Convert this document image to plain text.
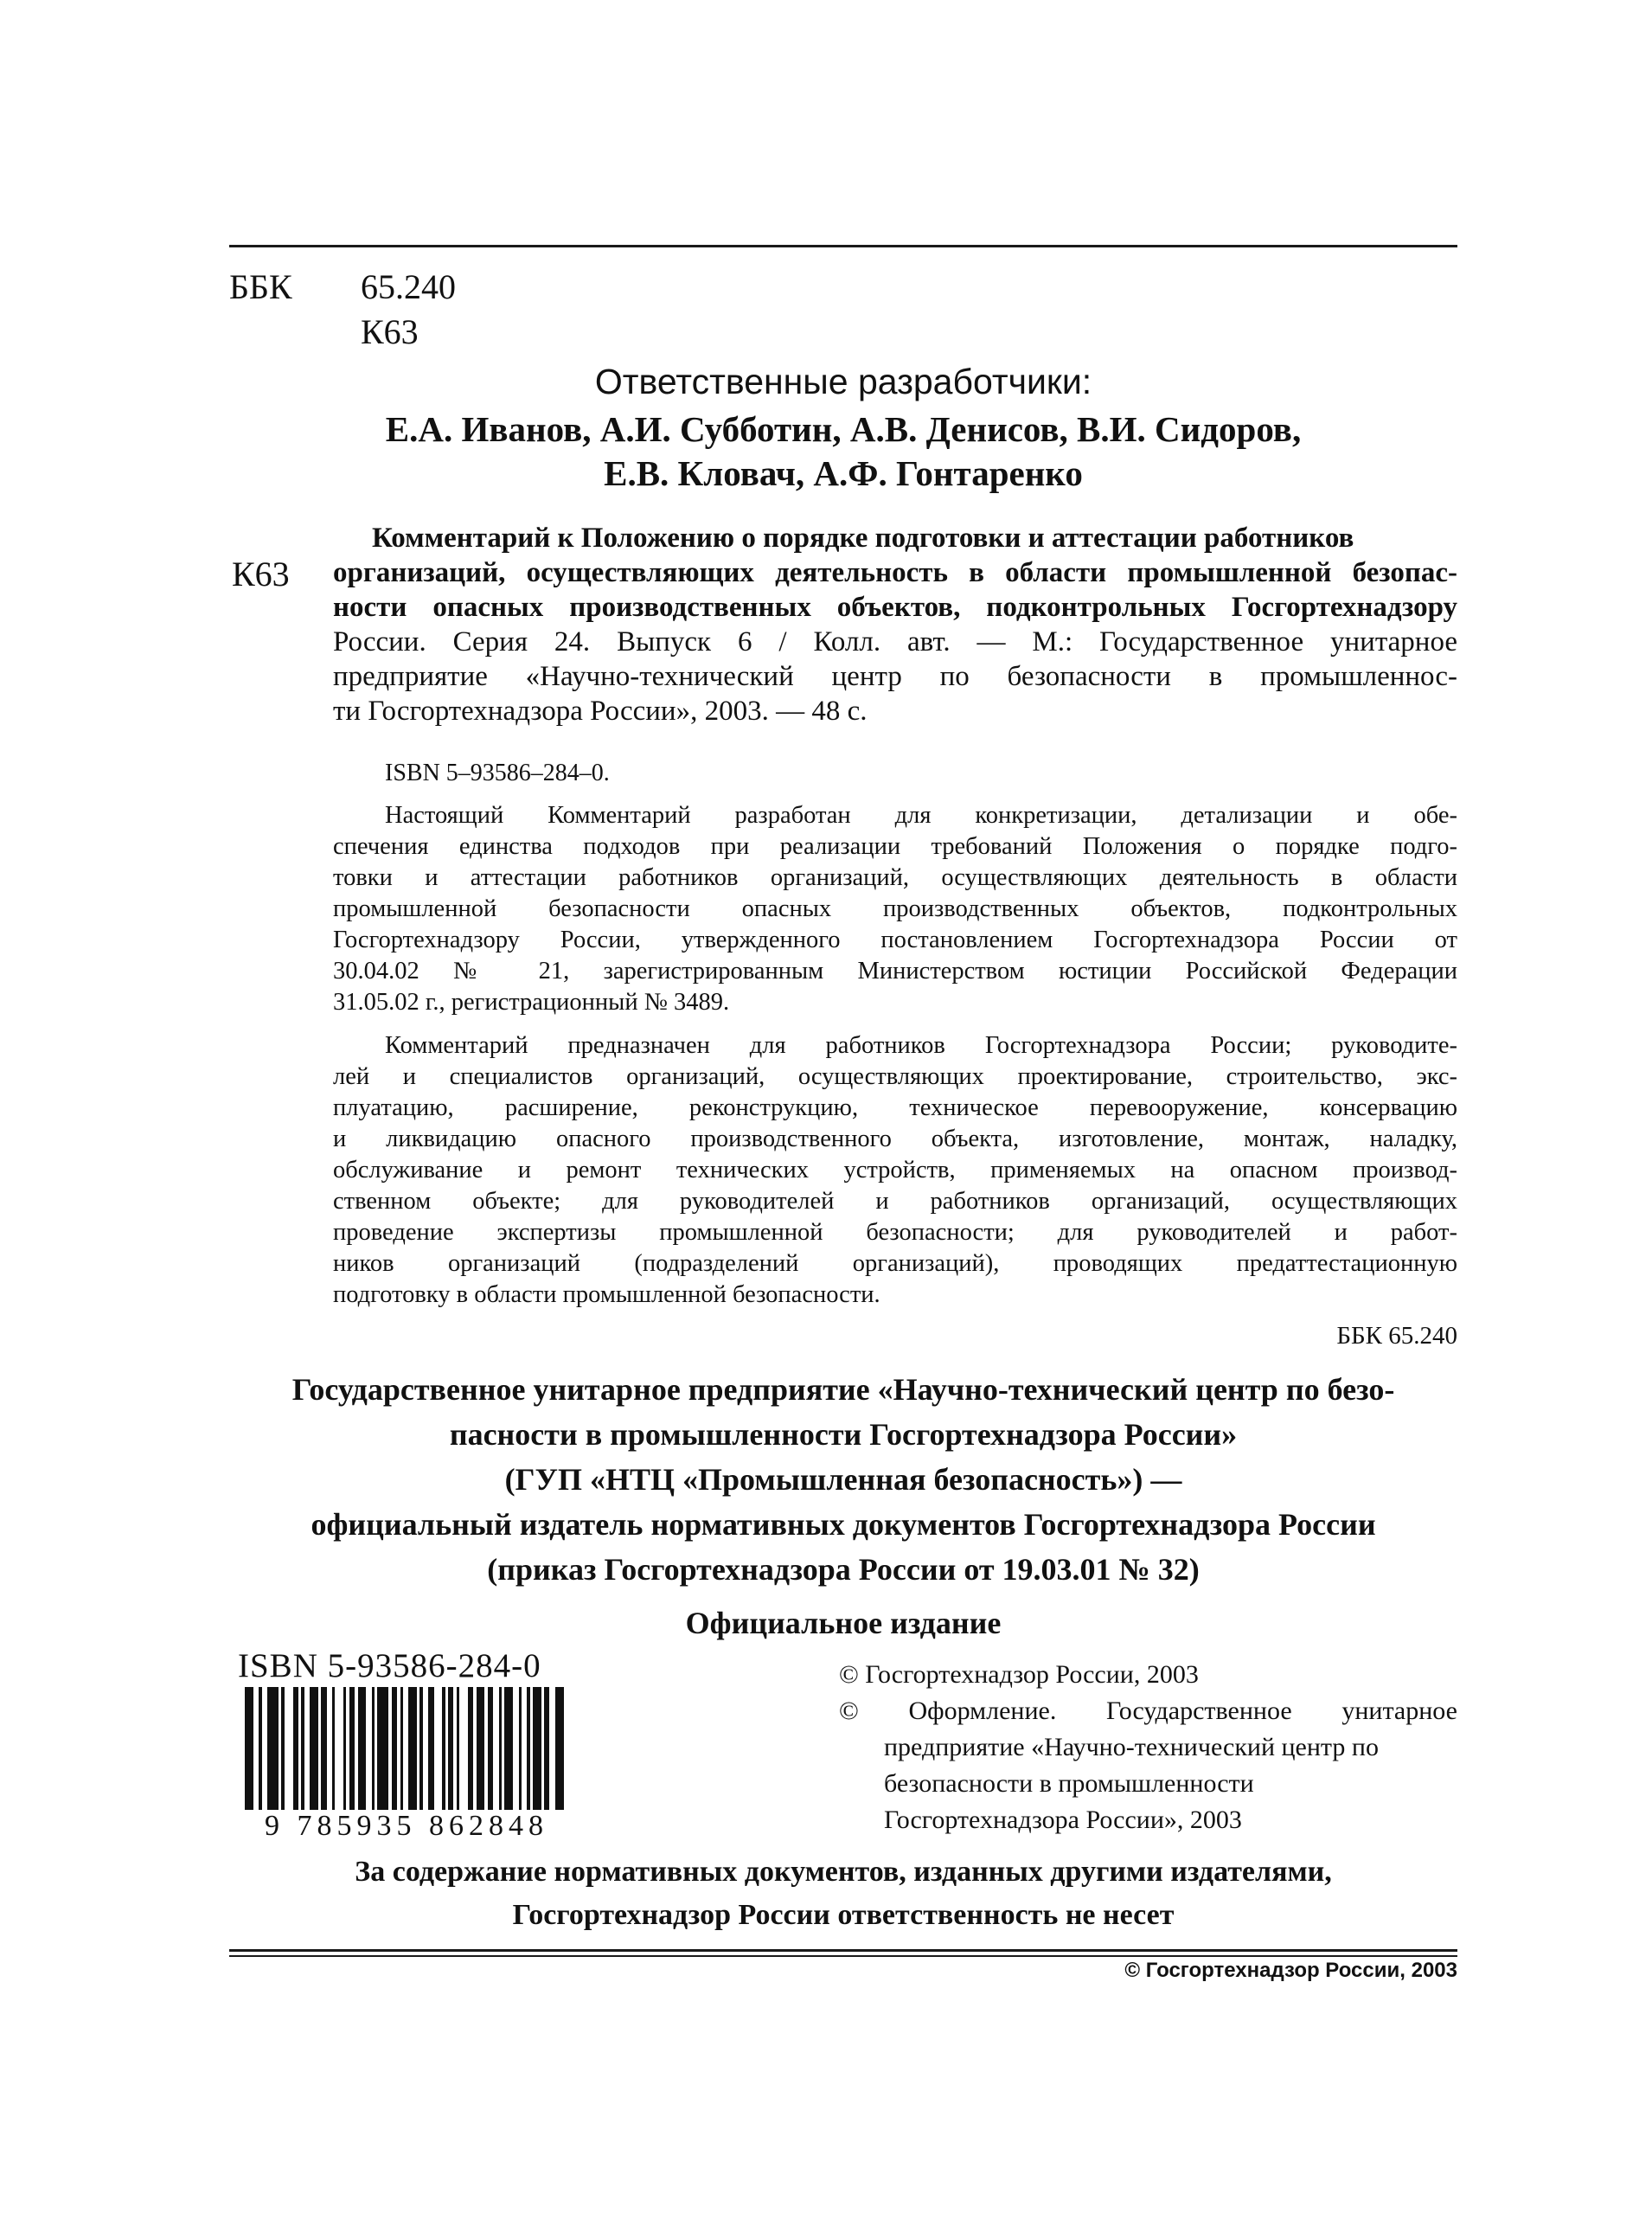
ББК 65.240
К63
Ответственные разработчики:
Е.А. Иванов, А.И. Субботин, А.В. Денисов, В.И. Сидоров,
Е.В. Кловач, А.Ф. Гонтаренко
К63
Комментарий к Положению о порядке подготовки и аттестации работников
организаций, осуществляющих деятельность в области промышленной безопас-
ности опасных производственных объектов, подконтрольных Госгортехнадзору
России. Серия 24. Выпуск 6 / Колл. авт. — М.: Государственное унитарное
предприятие «Научно-технический центр по безопасности в промышленнос-
ти Госгортехнадзора России», 2003. — 48 с.
ISBN 5–93586–284–0.
Настоящий Комментарий разработан для конкретизации, детализации и обе-
спечения единства подходов при реализации требований Положения о порядке подго-
товки и аттестации работников организаций, осуществляющих деятельность в области
промышленной безопасности опасных производственных объектов, подконтрольных
Госгортехнадзору России, утвержденного постановлением Госгортехнадзора России от
30.04.02 № 21, зарегистрированным Министерством юстиции Российской Федерации
31.05.02 г., регистрационный № 3489.
Комментарий предназначен для работников Госгортехнадзора России; руководите-
лей и специалистов организаций, осуществляющих проектирование, строительство, экс-
плуатацию, расширение, реконструкцию, техническое перевооружение, консервацию
и ликвидацию опасного производственного объекта, изготовление, монтаж, наладку,
обслуживание и ремонт технических устройств, применяемых на опасном производ-
ственном объекте; для руководителей и работников организаций, осуществляющих
проведение экспертизы промышленной безопасности; для руководителей и работ-
ников организаций (подразделений организаций), проводящих предаттестационную
подготовку в области промышленной безопасности.
ББК 65.240
Государственное унитарное предприятие «Научно-технический центр по безо-
пасности в промышленности Госгортехнадзора России»
(ГУП «НТЦ «Промышленная безопасность») —
официальный издатель нормативных документов Госгортехнадзора России
(приказ Госгортехнадзора России от 19.03.01 № 32)
Официальное издание
ISBN 5-93586-284-0
9 785935 862848
© Госгортехнадзор России, 2003
© Оформление. Государственное унитарное
предприятие «Научно-технический центр по
безопасности в промышленности
Госгортехнадзора России», 2003
За содержание нормативных документов, изданных другими издателями,
Госгортехнадзор России ответственность не несет
© Госгортехнадзор России, 2003
